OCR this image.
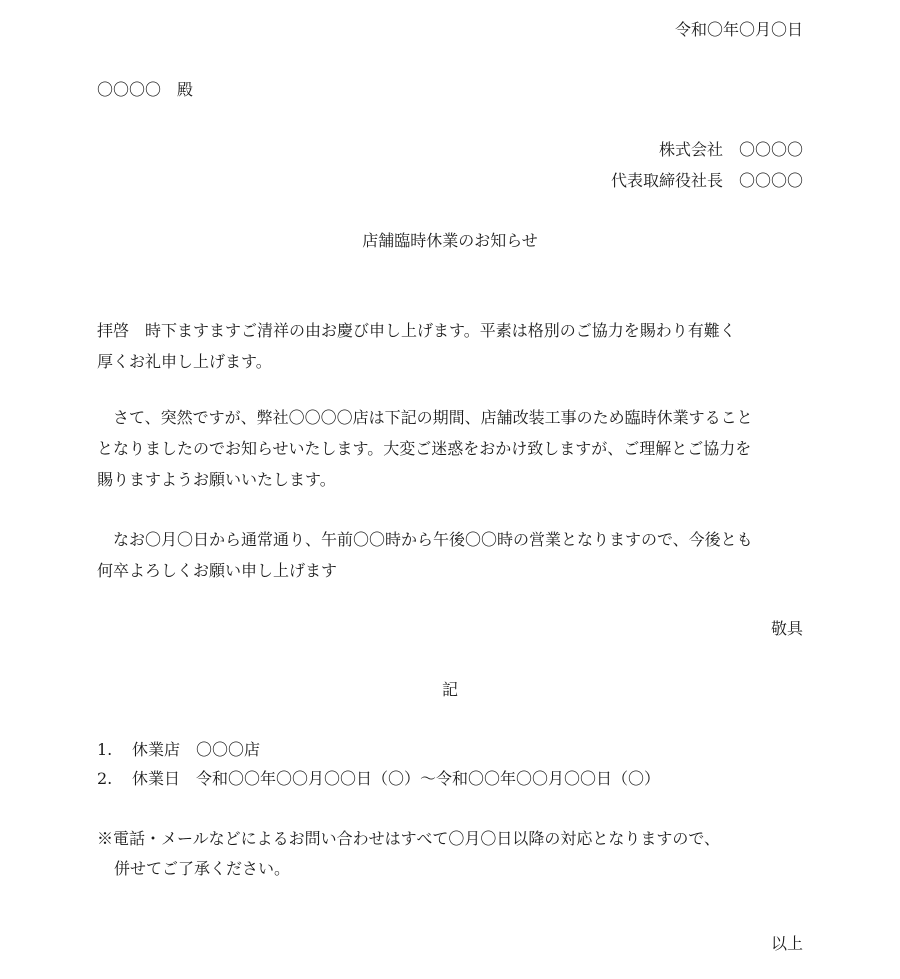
令和〇年〇月〇日
〇〇〇〇　殿
株式会社　〇〇〇〇
代表取締役社長　〇〇〇〇
店舗臨時休業のお知らせ

拝啓　時下ますますご清祥の由お慶び申し上げます。平素は格別のご協力を賜わり有難く

厚くお礼申し上げます。

　さて、突然ですが、弊社〇〇〇〇店は下記の期間、店舗改装工事のため臨時休業すること

となりましたのでお知らせいたします。大変ご迷惑をおかけ致しますが、ご理解とご協力を

賜りますようお願いいたします。

　なお〇月〇日から通常通り、午前〇〇時から午後〇〇時の営業となりますので、今後とも

何卒よろしくお願い申し上げます

敬具
記
1. 休業店　〇〇〇店
2. 休業日　令和〇〇年〇〇月〇〇日（〇）～令和〇〇年〇〇月〇〇日（〇）
※電話・メールなどによるお問い合わせはすべて〇月〇日以降の対応となりますので、
併せてご了承ください。
以上
